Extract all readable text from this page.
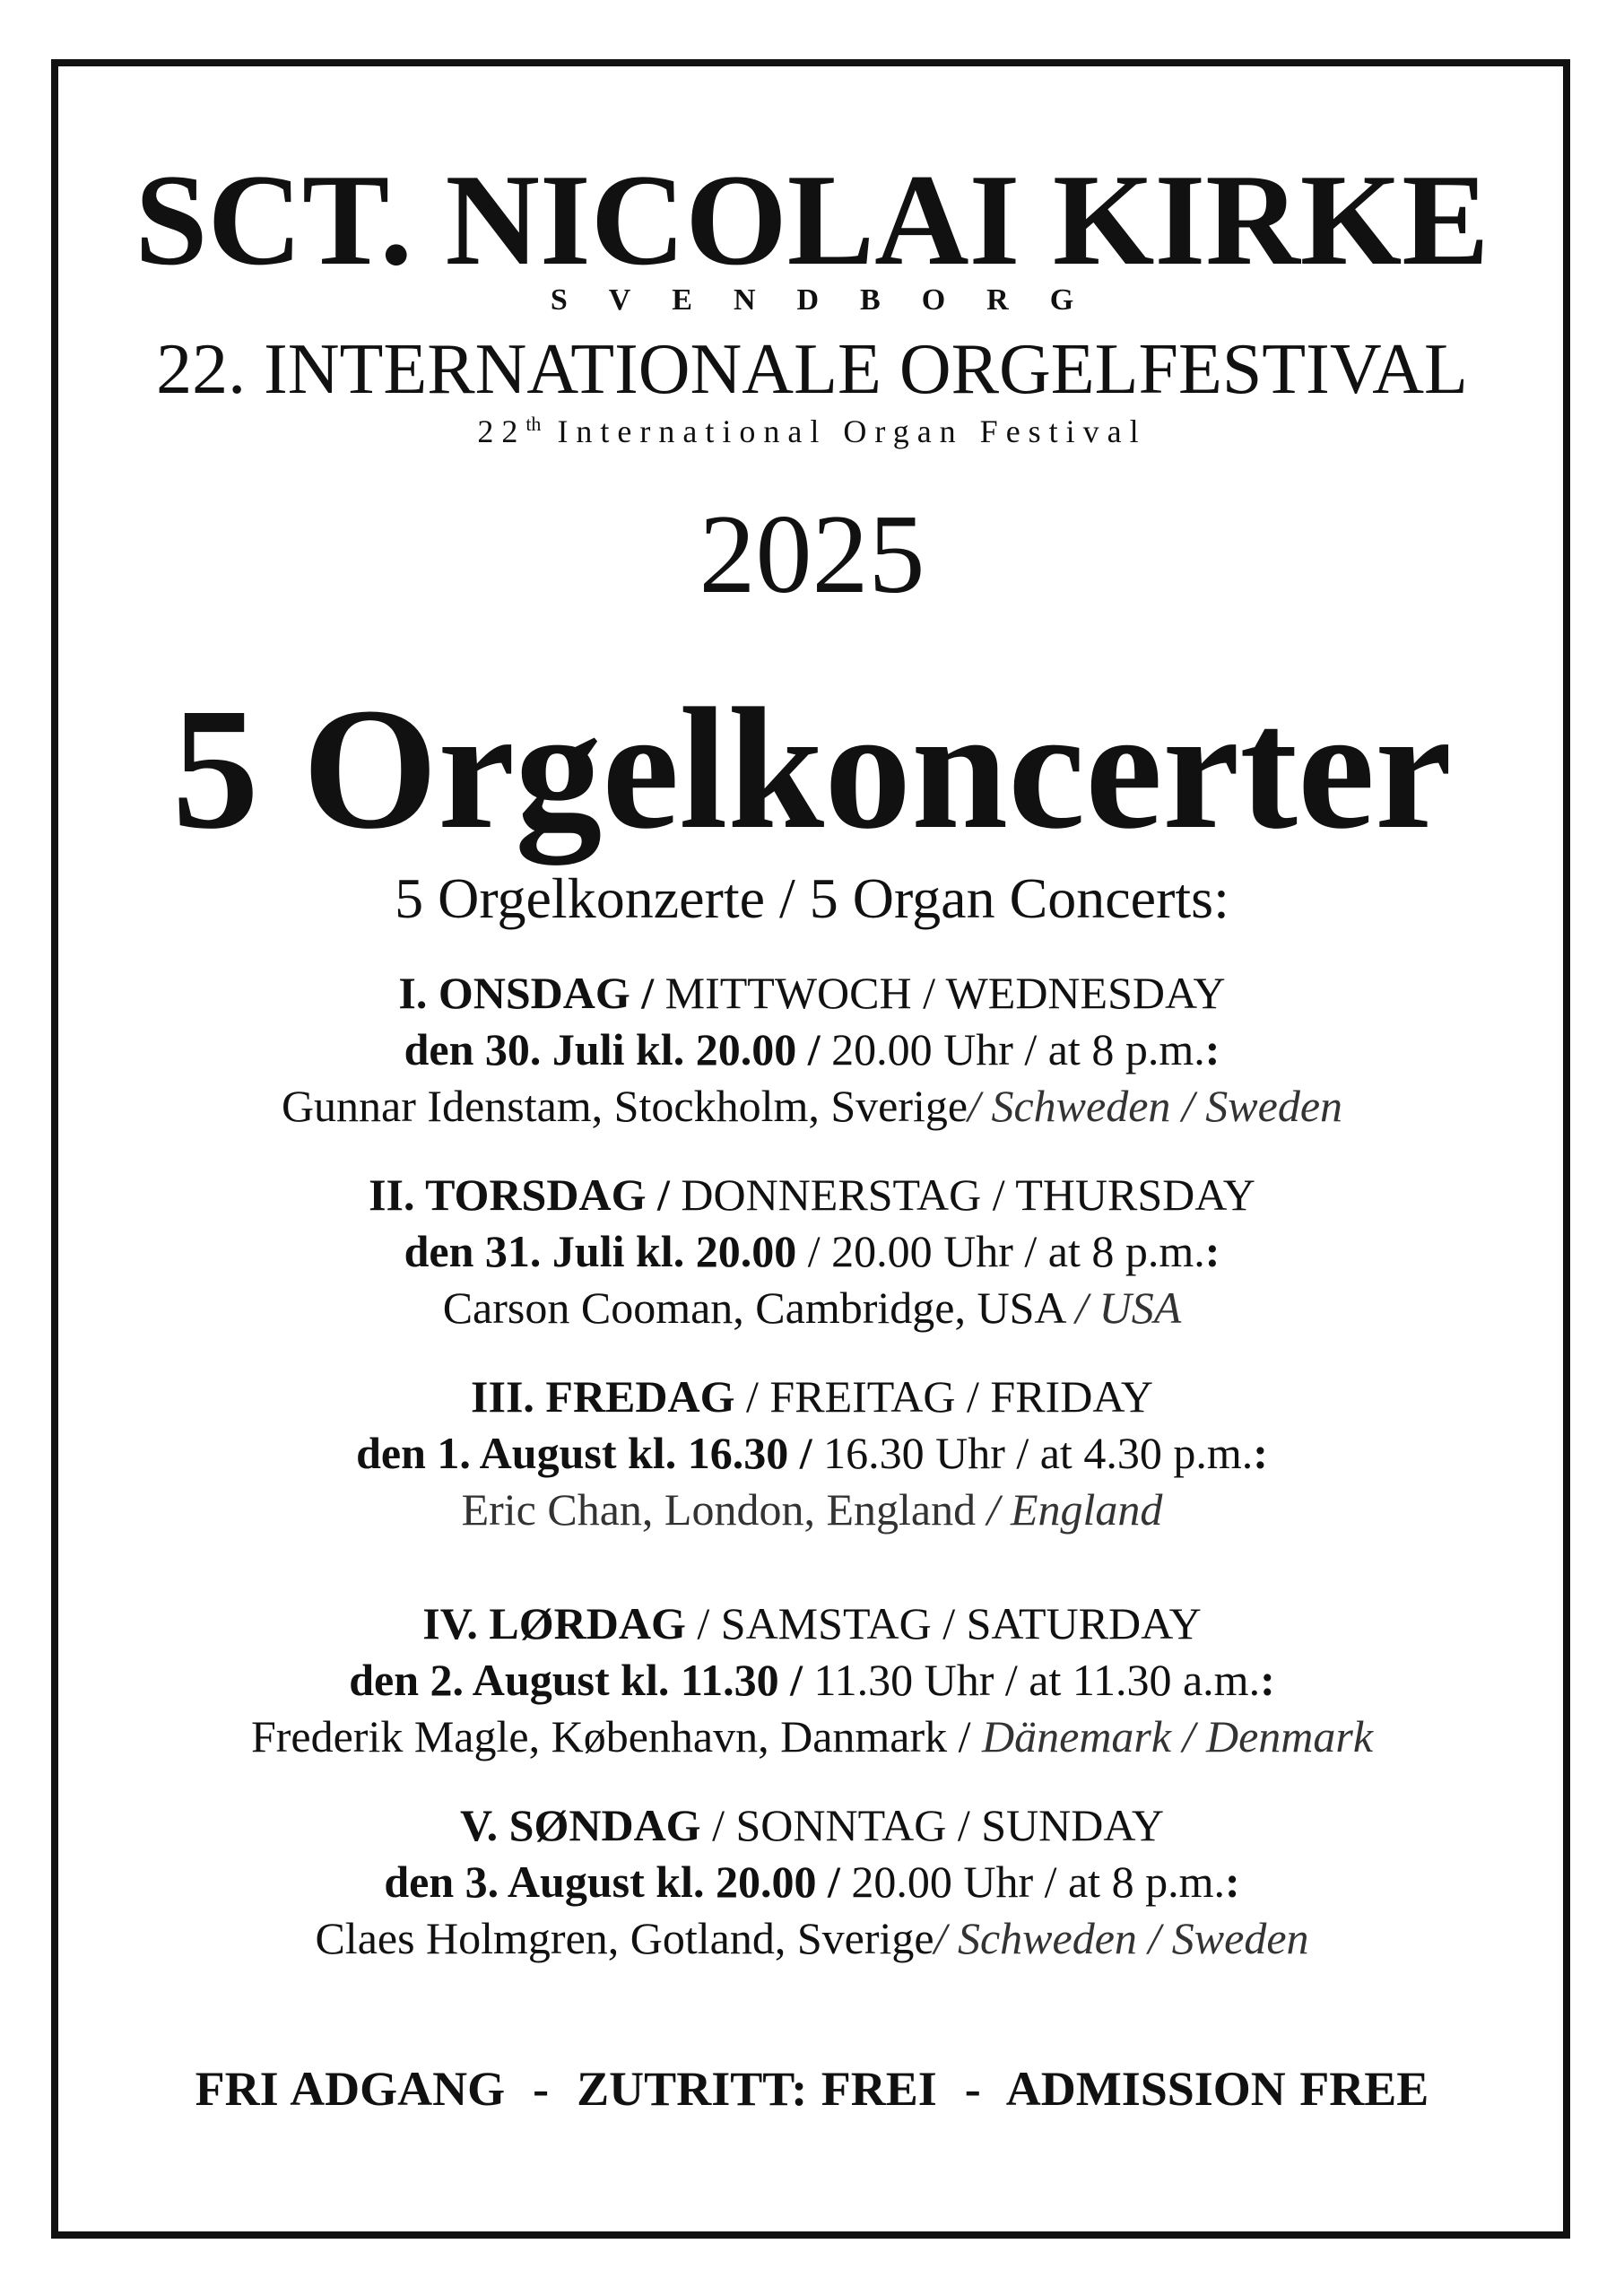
SCT. NICOLAI KIRKE
SVENDBORG
22. INTERNATIONALE ORGELFESTIVAL
22th International Organ Festival
2025
5 Orgelkoncerter
5 Orgelkonzerte / 5 Organ Concerts:
I. ONSDAG / MITTWOCH / WEDNESDAY
den 30. Juli kl. 20.00 / 20.00 Uhr / at 8 p.m.:
Gunnar Idenstam, Stockholm, Sverige/ Schweden / Sweden
II. TORSDAG / DONNERSTAG / THURSDAY
den 31. Juli kl. 20.00 / 20.00 Uhr / at 8 p.m.:
Carson Cooman, Cambridge, USA / USA
III. FREDAG / FREITAG / FRIDAY
den 1. August kl. 16.30 / 16.30 Uhr / at 4.30 p.m.:
Eric Chan, London, England / England
IV. LØRDAG / SAMSTAG / SATURDAY
den 2. August kl. 11.30 / 11.30 Uhr / at 11.30 a.m.:
Frederik Magle, København, Danmark / Dänemark / Denmark
V. SØNDAG / SONNTAG / SUNDAY
den 3. August kl. 20.00 / 20.00 Uhr / at 8 p.m.:
Claes Holmgren, Gotland, Sverige/ Schweden / Sweden
FRI ADGANG  -  ZUTRITT: FREI  -  ADMISSION FREE
